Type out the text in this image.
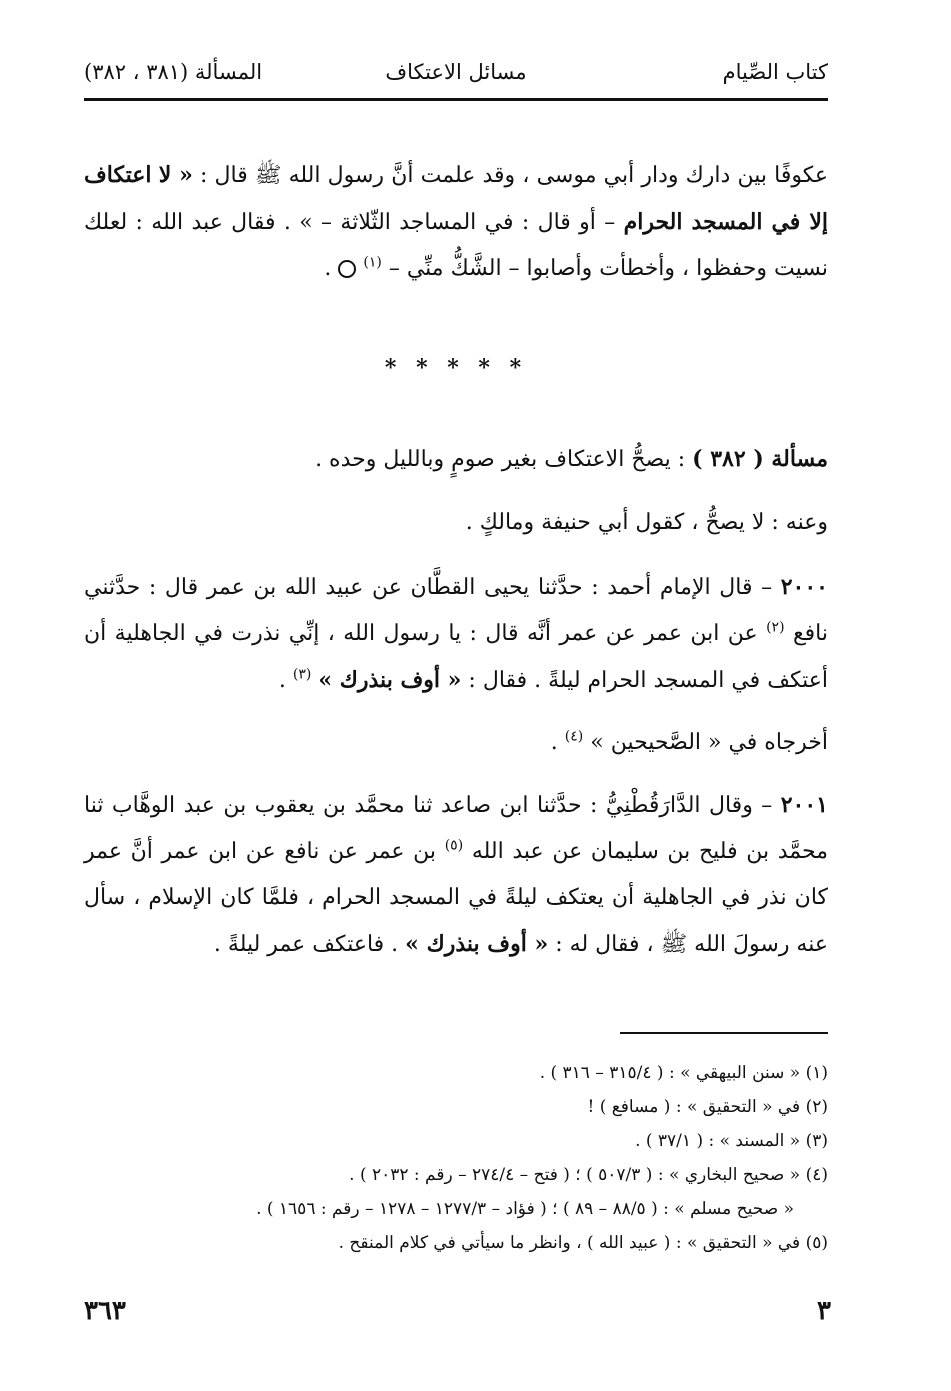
كتاب الصِّيام
مسائل الاعتكاف
المسألة (٣٨١ ، ٣٨٢)
عكوفًا بين دارك ودار أبي موسى ، وقد علمت أنَّ رسول الله ﷺ قال : « لا اعتكاف إلا في المسجد الحرام – أو قال : في المساجد الثّلاثة – » . فقال عبد الله : لعلك نسيت وحفظوا ، وأخطأت وأصابوا – الشَّكُّ منِّي – $^{(١)}$  .
* * * * *
مسألة ( ٣٨٢ ) : يصحُّ الاعتكاف بغير صومٍ وبالليل وحده .
وعنه : لا يصحُّ ، كقول أبي حنيفة ومالكٍ .
٢٠٠٠ – قال الإمام أحمد : حدَّثنا يحيى القطَّان عن عبيد الله بن عمر قال : حدَّثني نافع $^{(٢)}$ عن ابن عمر عن عمر أنَّه قال : يا رسول الله ، إنِّي نذرت في الجاهلية أن أعتكف في المسجد الحرام ليلةً . فقال : « أوف بنذرك » $^{(٣)}$ .
أخرجاه في « الصَّحيحين » $^{(٤)}$ .
٢٠٠١ – وقال الدَّارَقُطْنِيُّ : حدَّثنا ابن صاعد ثنا محمَّد بن يعقوب بن عبد الوهَّاب ثنا محمَّد بن فليح بن سليمان عن عبد الله $^{(٥)}$ بن عمر عن نافع عن ابن عمر أنَّ عمر كان نذر في الجاهلية أن يعتكف ليلةً في المسجد الحرام ، فلمَّا كان الإسلام ، سأل عنه رسولَ الله ﷺ ، فقال له : « أوف بنذرك » . فاعتكف عمر ليلةً .
(١) « سنن البيهقي » : ( ٣١٥/٤ – ٣١٦ ) .
(٢) في « التحقيق » : ( مسافع ) !
(٣) « المسند » : ( ٣٧/١ ) .
(٤) « صحيح البخاري » : ( ٥٠٧/٣ ) ؛ ( فتح – ٢٧٤/٤ – رقم : ٢٠٣٢ ) .
« صحيح مسلم » : ( ٨٨/٥ – ٨٩ ) ؛ ( فؤاد – ١٢٧٧/٣ – ١٢٧٨ – رقم : ١٦٥٦ ) .
(٥) في « التحقيق » : ( عبيد الله ) ، وانظر ما سيأتي في كلام المنقح .
٣
٣٦٣
